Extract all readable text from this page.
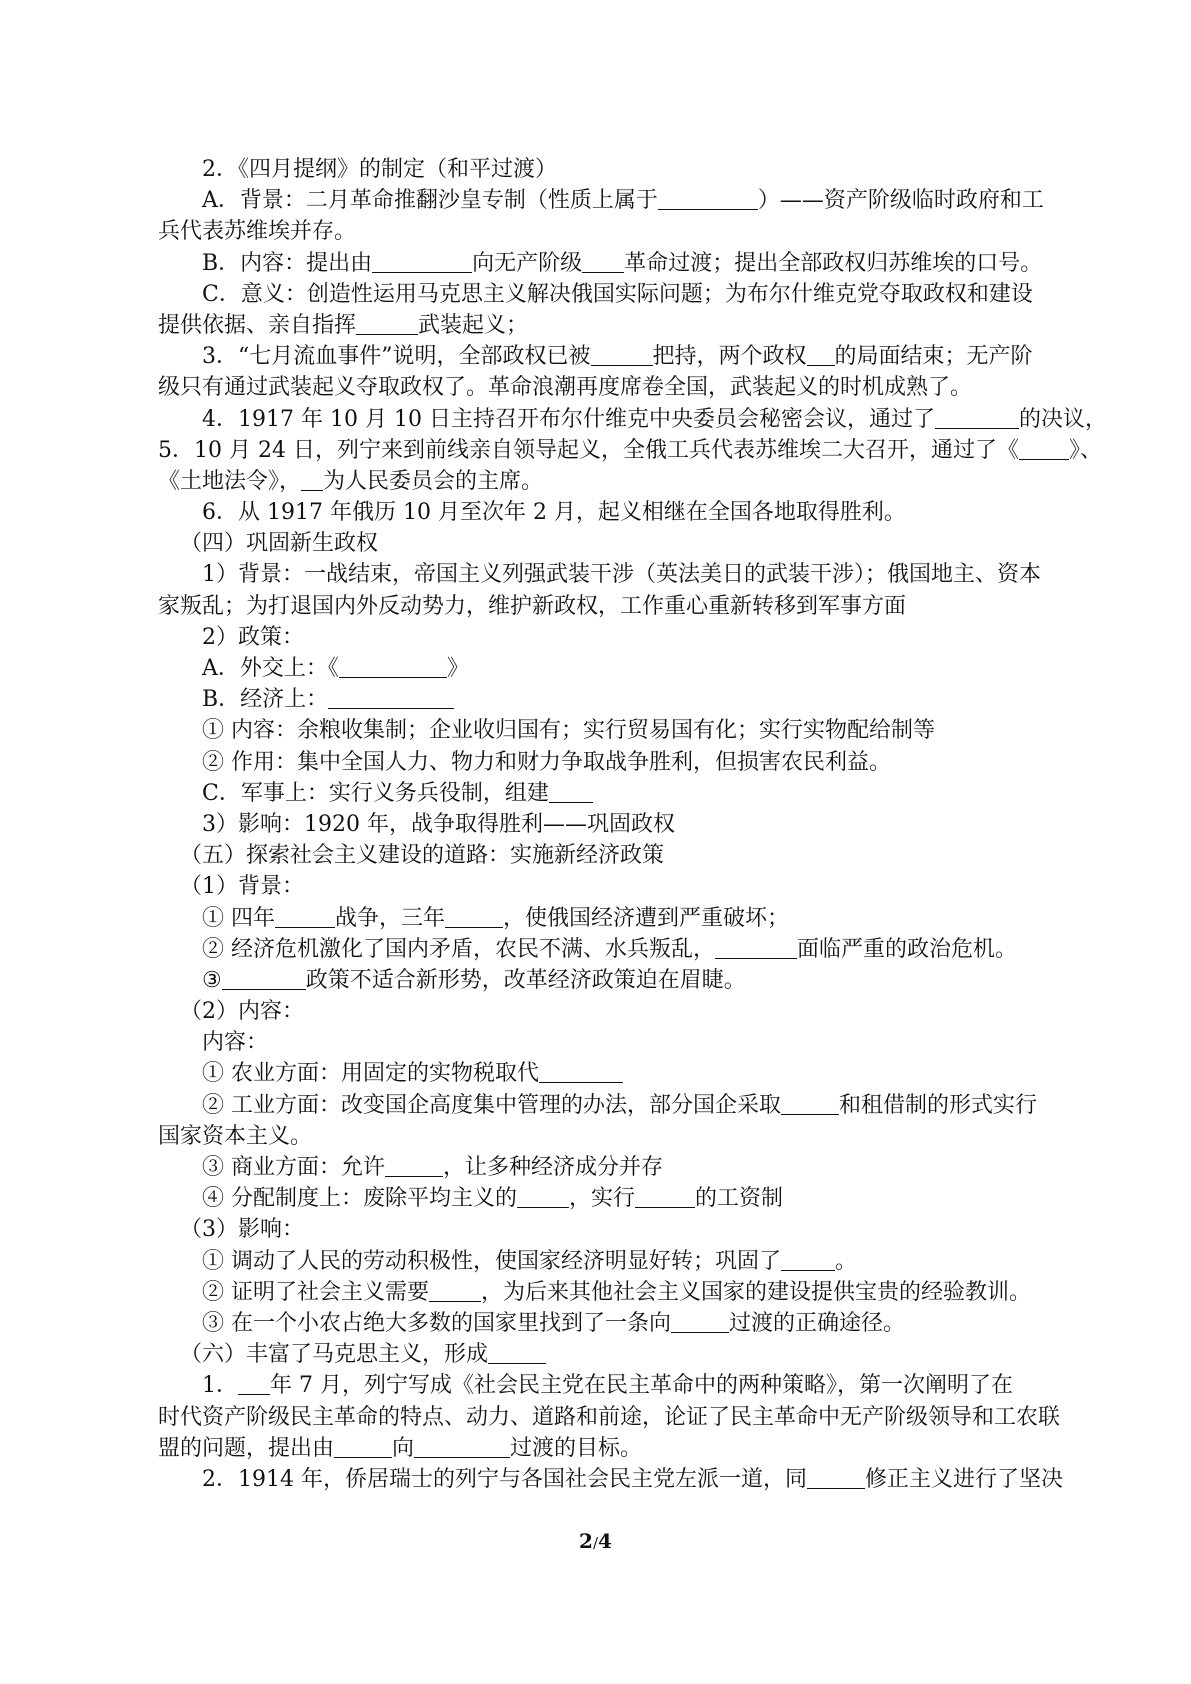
2．《四月提纲》的制定（和平过渡）
A．背景：二月革命推翻沙皇专制（性质上属于	）——资产阶级临时政府和工
兵代表苏维埃并存。
B．内容：提出由	向无产阶级 革命过渡；提出全部政权归苏维埃的口号。
C．意义：创造性运用马克思主义解决俄国实际问题；为布尔什维克党夺取政权和建设
提供依据、亲自指挥	武装起义；
3．“七月流血事件”说明，全部政权已被	把持，两个政权 的局面结束；无产阶
级只有通过武装起义夺取政权了。革命浪潮再度席卷全国，武装起义的时机成熟了。
4．1917 年 10 月 10 日主持召开布尔什维克中央委员会秘密会议，通过了	的决议，
5．10 月 24 日，列宁来到前线亲自领导起义，全俄工兵代表苏维埃二大召开，通过了《 》、
《土地法令》， 为人民委员会的主席。
6．从 1917 年俄历 10 月至次年 2 月，起义相继在全国各地取得胜利。
（四）巩固新生政权
1）背景：一战结束，帝国主义列强武装干涉（英法美日的武装干涉）；俄国地主、资本
家叛乱；为打退国内外反动势力，维护新政权，工作重心重新转移到军事方面
2）政策：
A．外交上：《	》
B．经济上：
① 内容：余粮收集制；企业收归国有；实行贸易国有化；实行实物配给制等
② 作用：集中全国人力、物力和财力争取战争胜利，但损害农民利益。
C．军事上：实行义务兵役制，组建
3）影响：1920 年，战争取得胜利——巩固政权
（五）探索社会主义建设的道路：实施新经济政策
（1）背景：
① 四年	战争，三年	，使俄国经济遭到严重破坏；
② 经济危机激化了国内矛盾，农民不满、水兵叛乱，	面临严重的政治危机。
③	政策不适合新形势，改革经济政策迫在眉睫。
（2）内容：
内容：
① 农业方面：用固定的实物税取代
② 工业方面：改变国企高度集中管理的办法，部分国企采取	和租借制的形式实行
国家资本主义。
③ 商业方面：允许	，让多种经济成分并存
④ 分配制度上：废除平均主义的 ，实行	的工资制
（3）影响：
① 调动了人民的劳动积极性，使国家经济明显好转；巩固了 。
② 证明了社会主义需要 ，为后来其他社会主义国家的建设提供宝贵的经验教训。
③ 在一个小农占绝大多数的国家里找到了一条向	过渡的正确途径。
（六）丰富了马克思主义，形成
1． 年 7 月，列宁写成《社会民主党在民主革命中的两种策略》，第一次阐明了在
时代资产阶级民主革命的特点、动力、道路和前途，论证了民主革命中无产阶级领导和工农联
盟的问题，提出由	向	过渡的目标。
2．1914 年，侨居瑞士的列宁与各国社会民主党左派一道，同	修正主义进行了坚决
2/4
